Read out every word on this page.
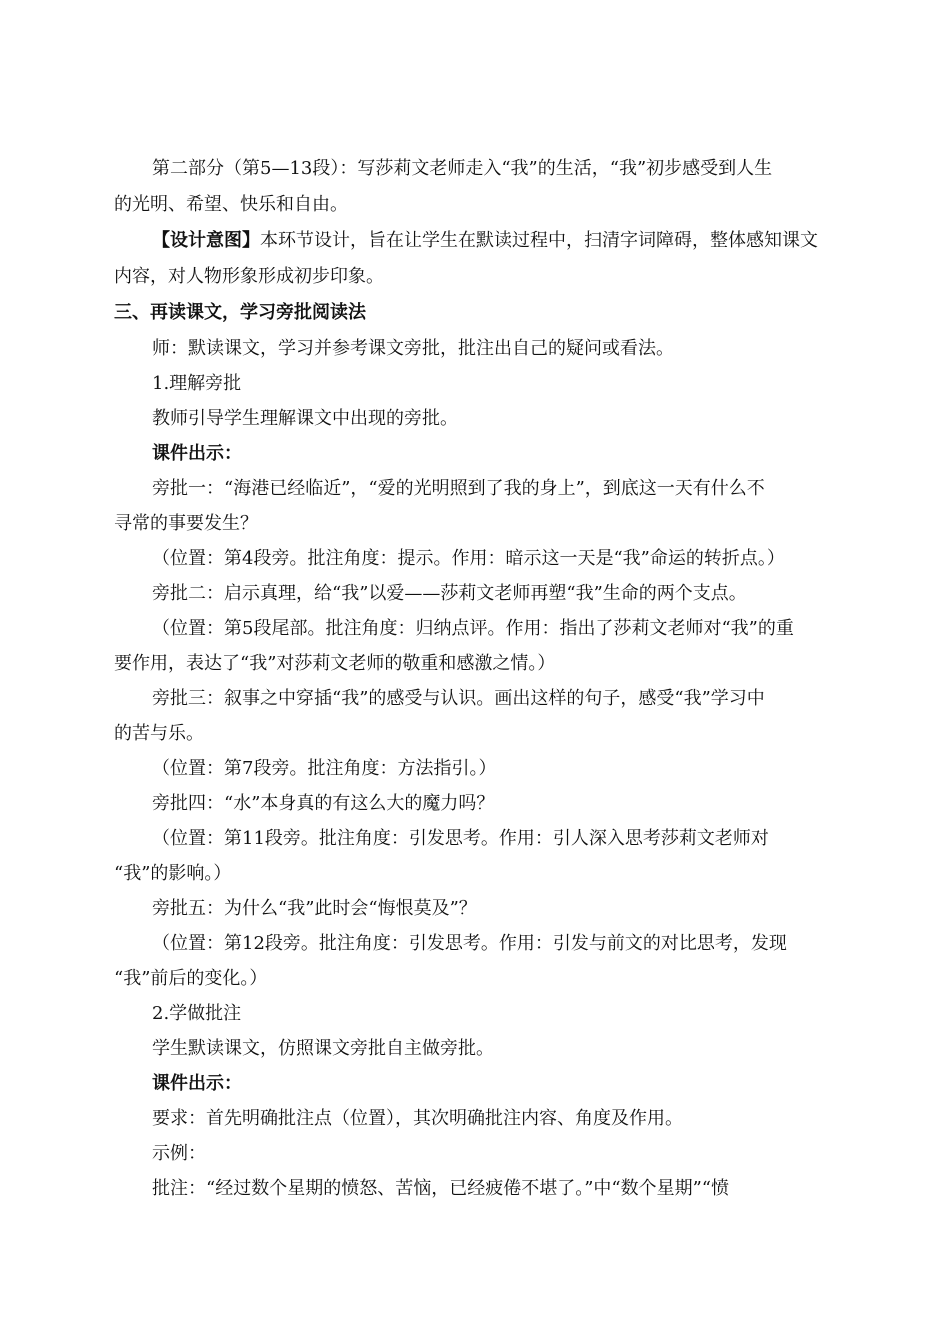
第二部分（第5—13段）：写莎莉文老师走入“我”的生活，“我”初步感受到人生
的光明、希望、快乐和自由。
【设计意图】本环节设计，旨在让学生在默读过程中，扫清字词障碍，整体感知课文
内容，对人物形象形成初步印象。
三、再读课文，学习旁批阅读法
师：默读课文，学习并参考课文旁批，批注出自己的疑问或看法。
1.理解旁批
教师引导学生理解课文中出现的旁批。
课件出示：
旁批一：“海港已经临近”，“爱的光明照到了我的身上”，到底这一天有什么不
寻常的事要发生？
（位置：第4段旁。批注角度：提示。作用：暗示这一天是“我”命运的转折点。）
旁批二：启示真理，给“我”以爱——莎莉文老师再塑“我”生命的两个支点。
（位置：第5段尾部。批注角度：归纳点评。作用：指出了莎莉文老师对“我”的重
要作用，表达了“我”对莎莉文老师的敬重和感激之情。）
旁批三：叙事之中穿插“我”的感受与认识。画出这样的句子，感受“我”学习中
的苦与乐。
（位置：第7段旁。批注角度：方法指引。）
旁批四：“水”本身真的有这么大的魔力吗？
（位置：第11段旁。批注角度：引发思考。作用：引人深入思考莎莉文老师对
“我”的影响。）
旁批五：为什么“我”此时会“悔恨莫及”？
（位置：第12段旁。批注角度：引发思考。作用：引发与前文的对比思考，发现
“我”前后的变化。）
2.学做批注
学生默读课文，仿照课文旁批自主做旁批。
课件出示：
要求：首先明确批注点（位置），其次明确批注内容、角度及作用。
示例：
批注：“经过数个星期的愤怒、苦恼，已经疲倦不堪了。”中“数个星期”“愤
